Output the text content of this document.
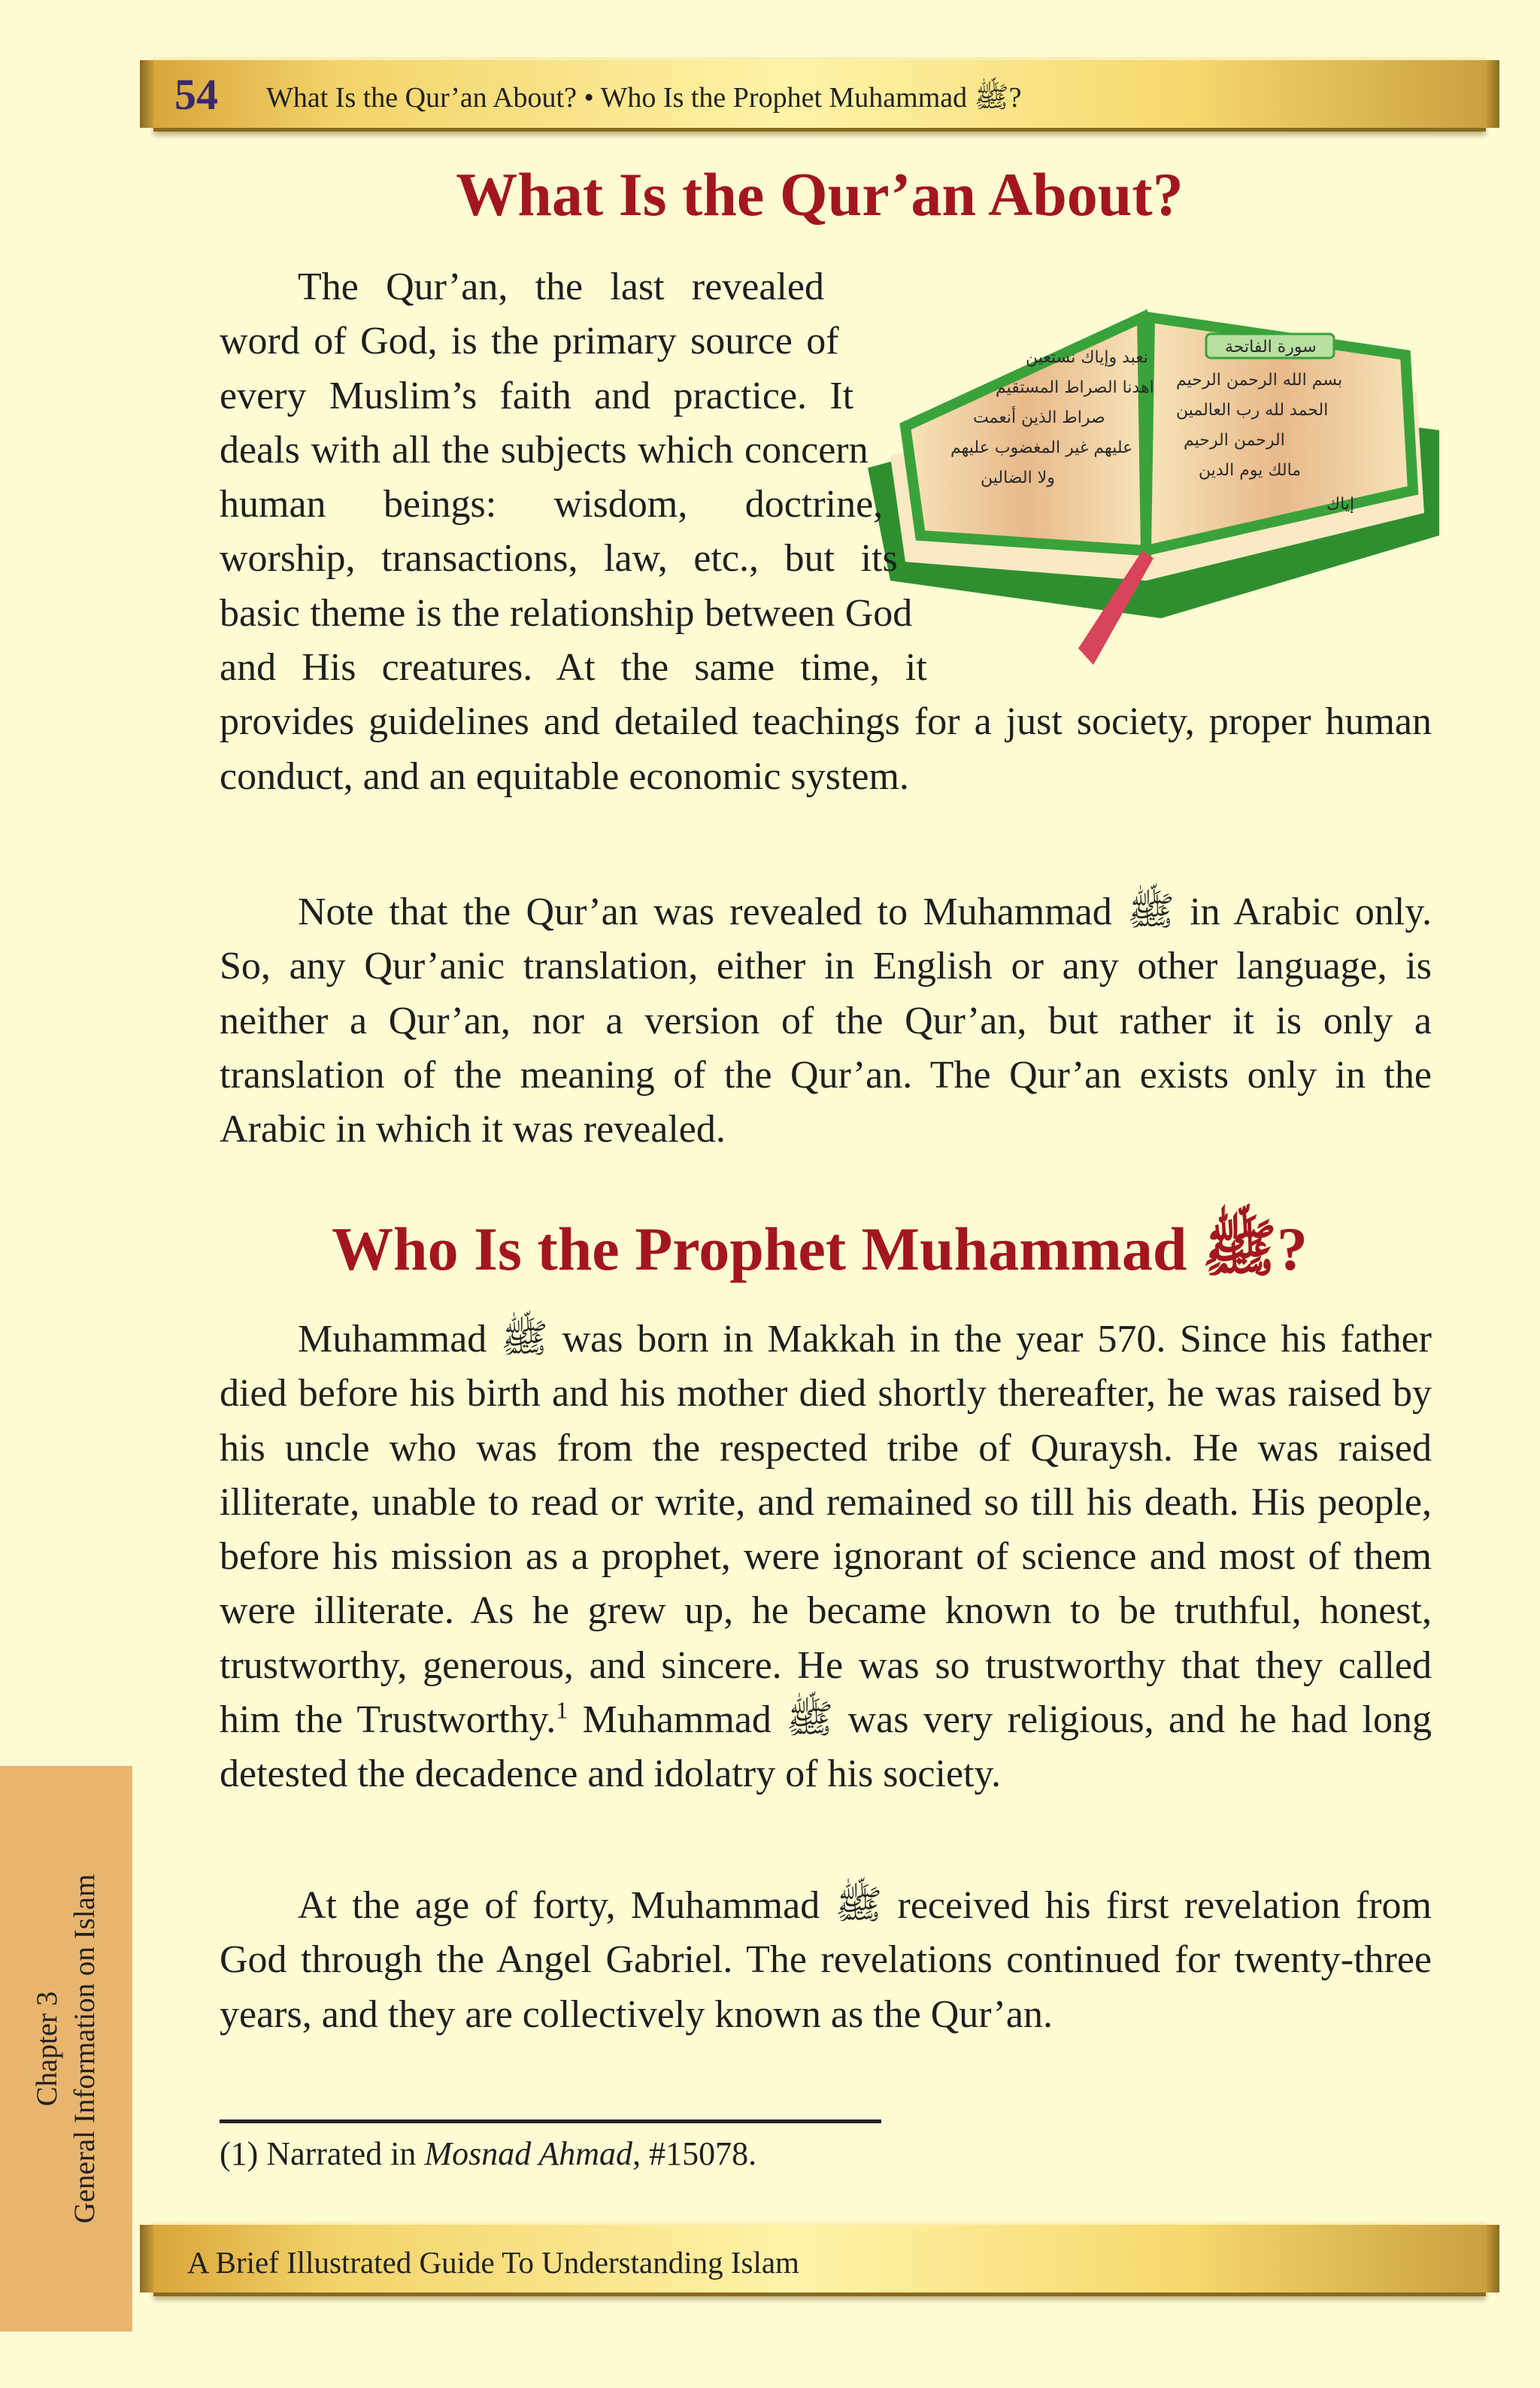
54 What Is the Qur’an About? • Who Is the Prophet Muhammad ﷺ?
What Is the Qur’an About?
نعبد وإياك نستعين
اهدنا الصراط المستقيم
صراط الذين أنعمت
عليهم غير المغضوب عليهم
ولا الضالين
سورة الفاتحة
بسم الله الرحمن الرحيم
الحمد لله رب العالمين
الرحمن الرحيم
مالك يوم الدين
إياك
The Qur’an, the last revealed word of God, is the primary source of every Muslim’s faith and practice. It deals with all the subjects which concern human beings: wisdom, doctrine, worship, transactions, law, etc., but its basic theme is the relationship between God and His creatures. At the same time, it provides guidelines and detailed teachings for a just society, proper human conduct, and an equitable economic system.
Note that the Qur’an was revealed to Muhammad ﷺ in Arabic only. So, any Qur’anic translation, either in English or any other language, is neither a Qur’an, nor a version of the Qur’an, but rather it is only a translation of the meaning of the Qur’an. The Qur’an exists only in the Arabic in which it was revealed.
Who Is the Prophet Muhammad ﷺ?
Muhammad ﷺ was born in Makkah in the year 570. Since his father died before his birth and his mother died shortly thereafter, he was raised by his uncle who was from the respected tribe of Quraysh. He was raised illiterate, unable to read or write, and remained so till his death. His people, before his mission as a prophet, were ignorant of science and most of them were illiterate. As he grew up, he became known to be truthful, honest, trustworthy, generous, and sincere. He was so trustworthy that they called him the Trustworthy.$^1$ Muhammad ﷺ was very religious, and he had long detested the decadence and idolatry of his society.
At the age of forty, Muhammad ﷺ received his first revelation from God through the Angel Gabriel. The revelations continued for twenty-three years, and they are collectively known as the Qur’an.
(1) Narrated in Mosnad Ahmad, #15078.
Chapter 3 General Information on Islam
A Brief Illustrated Guide To Understanding Islam
